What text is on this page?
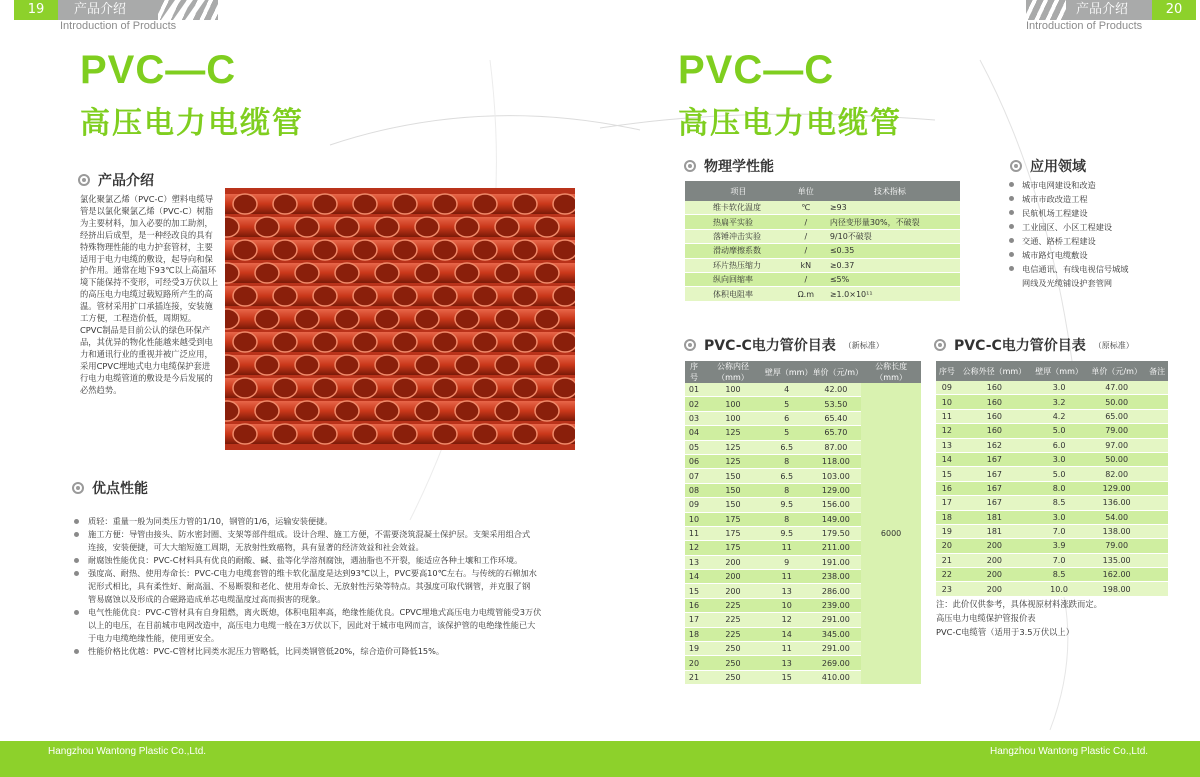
19	产品介绍
Introduction of Products
PVC—C
高压电力电缆管
产品介绍
氯化聚氯乙烯（PVC-C）塑料电缆导
管是以氯化聚氯乙烯（PVC-C）树脂
为主要材料，加入必要的加工助剂，
经挤出后成型，是一种经改良的具有
特殊物理性能的电力护套管材，主要
适用于电力电缆的敷设，起导向和保
护作用。通常在地下93℃以上高温环
境下能保持不变形，可经受3万伏以上
的高压电力电缆过载短路所产生的高
温。管材采用扩口承插连接，安装施
工方便，工程造价低，周期短。
CPVC制品是目前公认的绿色环保产
品，其优异的物化性能越来越受到电
力和通讯行业的重视并被广泛应用，
采用CPVC埋地式电力电缆保护套进
行电力电缆管道的敷设是今后发展的
必然趋势。
优点性能
质轻：重量一般为同类压力管的1/10，钢管的1/6，运输安装便捷。
施工方便：导管由接头、防水密封圈、支架等部件组成。设计合理、施工方便，不需要浇筑混凝土保护层。支架采用组合式
连接，安装便捷，可大大缩短施工周期，无放射性致癌物，具有显著的经济效益和社会效益。
耐腐蚀性能优良：PVC-C材料具有优良的耐酸、碱、盐等化学溶剂腐蚀，遇油脂也不开裂，能适应各种土壤和工作环境。
强度高、耐热、使用寿命长：PVC-C电力电缆套管的维卡软化温度是达到93℃以上，PVC要高10℃左右。与传统的石棉加水
泥形式相比，具有柔性好、耐高温、不易断裂和老化、使用寿命长、无放射性污染等特点。其强度可取代钢管，并克服了钢
管易腐蚀以及形成的合磁路造成单芯电缆温度过高而损害的现象。
电气性能优良：PVC-C管材具有自身阻燃，离火既熄，体积电阻率高，绝缘性能优良。CPVC埋地式高压电力电缆管能受3万伏
以上的电压，在目前城市电网改造中，高压电力电缆一般在3万伏以下，因此对于城市电网而言，该保护管的电绝缘性能已大
于电力电缆绝缘性能，使用更安全。
性能价格比优越：PVC-C管材比同类水泥压力管略低，比同类钢管低20%，综合造价可降低15%。
产品介绍	20
Introduction of Products
PVC—C
高压电力电缆管
物理学性能
项目	单位	技术指标
维卡软化温度	℃	≥93
热扁平实验	/	内径变形量30%，不破裂
落锤冲击实验	/	9/10不破裂
滑动摩擦系数	/	≤0.35
环片热压缩力	kN	≥0.37
纵向回缩率	/	≤5%
体积电阻率	Ω.m	≥1.0×10¹¹
应用领域
城市电网建设和改造
城市市政改造工程
民航机场工程建设
工业园区、小区工程建设
交通、路桥工程建设
城市路灯电缆敷设
电信通讯、有线电视信号城域
网线及光缆铺设护套管网
PVC-C电力管价目表 （新标准）
序号	公称内径（mm）	壁厚（mm）	单价（元/m）	公称长度（mm）
01	100	4	42.00	6000
02	100	5	53.50	
03	100	6	65.40	
04	125	5	65.70	
05	125	6.5	87.00	
06	125	8	118.00	
07	150	6.5	103.00	
08	150	8	129.00	
09	150	9.5	156.00	
10	175	8	149.00	
11	175	9.5	179.50	
12	175	11	211.00	
13	200	9	191.00	
14	200	11	238.00	
15	200	13	286.00	
16	225	10	239.00	
17	225	12	291.00	
18	225	14	345.00	
19	250	11	291.00	
20	250	13	269.00	
21	250	15	410.00	
PVC-C电力管价目表 （原标准）
序号	公称外径（mm）	壁厚（mm）	单价（元/m）	备注
09	160	3.0	47.00	
10	160	3.2	50.00	
11	160	4.2	65.00	
12	160	5.0	79.00	
13	162	6.0	97.00	
14	167	3.0	50.00	
15	167	5.0	82.00	
16	167	8.0	129.00	
17	167	8.5	136.00	
18	181	3.0	54.00	
19	181	7.0	138.00	
20	200	3.9	79.00	
21	200	7.0	135.00	
22	200	8.5	162.00	
23	200	10.0	198.00	
注：此价仅供参考，具体视原材料涨跌而定。
高压电力电缆保护管报价表
PVC-C电缆管（适用于3.5万伏以上）
Hangzhou Wantong Plastic Co.,Ltd.	Hangzhou Wantong Plastic Co.,Ltd.
